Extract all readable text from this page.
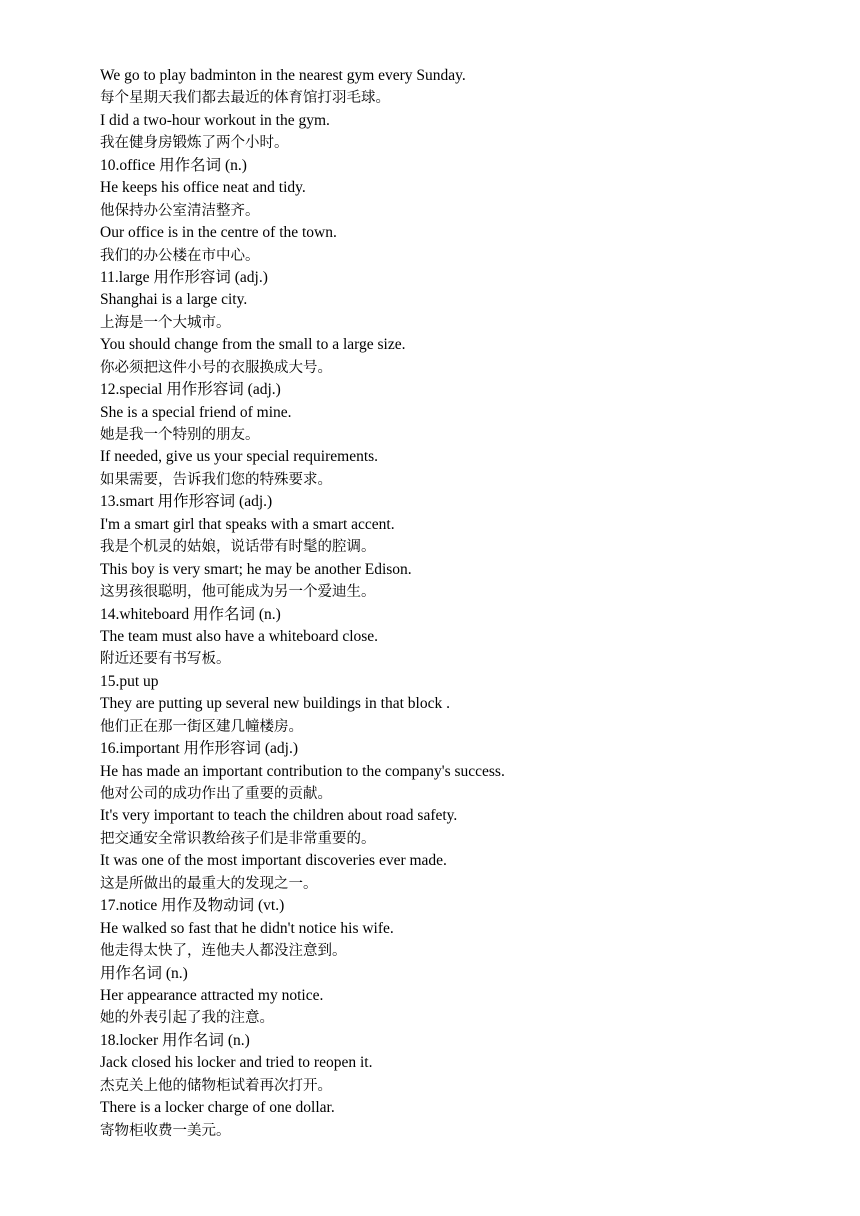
We go to play badminton in the nearest gym every Sunday.
每个星期天我们都去最近的体育馆打羽毛球。
I did a two-hour workout in the gym.
我在健身房锻炼了两个小时。
10.office 用作名词 (n.)
He keeps his office neat and tidy.
他保持办公室清洁整齐。
Our office is in the centre of the town.
我们的办公楼在市中心。
11.large 用作形容词 (adj.)
Shanghai is a large city.
上海是一个大城市。
You should change from the small to a large size.
你必须把这件小号的衣服换成大号。
12.special 用作形容词 (adj.)
She is a special friend of mine.
她是我一个特别的朋友。
If needed, give us your special requirements.
如果需要，告诉我们您的特殊要求。
13.smart 用作形容词 (adj.)
I'm a smart girl that speaks with a smart accent.
我是个机灵的姑娘，说话带有时髦的腔调。
This boy is very smart; he may be another Edison.
这男孩很聪明，他可能成为另一个爱迪生。
14.whiteboard 用作名词 (n.)
The team must also have a whiteboard close.
附近还要有书写板。
15.put up
They are putting up several new buildings in that block .
他们正在那一街区建几幢楼房。
16.important 用作形容词 (adj.)
He has made an important contribution to the company's success.
他对公司的成功作出了重要的贡献。
It's very important to teach the children about road safety.
把交通安全常识教给孩子们是非常重要的。
It was one of the most important discoveries ever made.
这是所做出的最重大的发现之一。
17.notice 用作及物动词 (vt.)
He walked so fast that he didn't notice his wife.
他走得太快了，连他夫人都没注意到。
用作名词 (n.)
Her appearance attracted my notice.
她的外表引起了我的注意。
18.locker 用作名词 (n.)
Jack closed his locker and tried to reopen it.
杰克关上他的储物柜试着再次打开。
There is a locker charge of one dollar.
寄物柜收费一美元。
